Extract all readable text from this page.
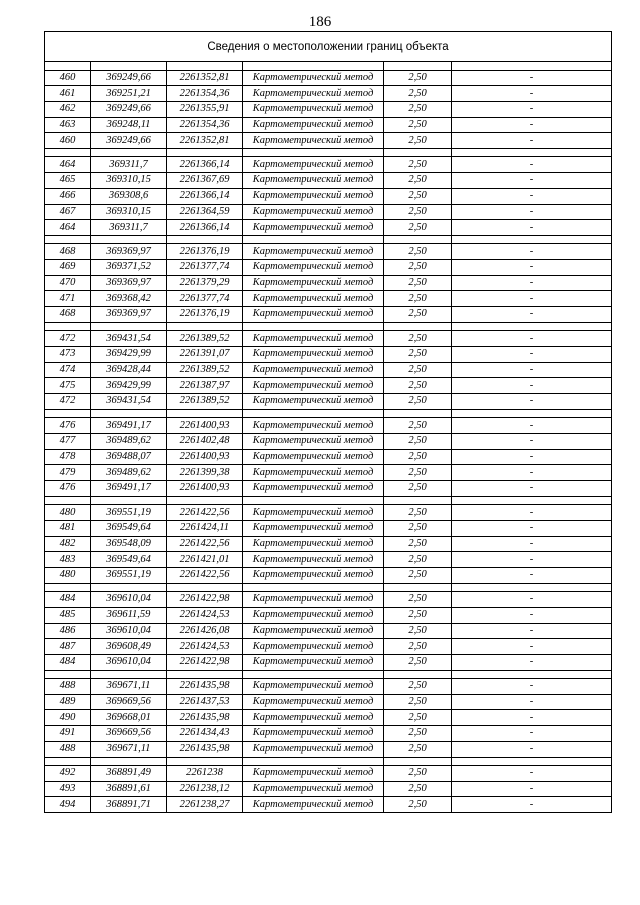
186
Сведения о местоположении границ объекта					

460	369249,66	2261352,81	Картометрический метод	2,50	-
461	369251,21	2261354,36	Картометрический метод	2,50	-
462	369249,66	2261355,91	Картометрический метод	2,50	-
463	369248,11	2261354,36	Картометрический метод	2,50	-
460	369249,66	2261352,81	Картометрический метод	2,50	-

464	369311,7	2261366,14	Картометрический метод	2,50	-
465	369310,15	2261367,69	Картометрический метод	2,50	-
466	369308,6	2261366,14	Картометрический метод	2,50	-
467	369310,15	2261364,59	Картометрический метод	2,50	-
464	369311,7	2261366,14	Картометрический метод	2,50	-

468	369369,97	2261376,19	Картометрический метод	2,50	-
469	369371,52	2261377,74	Картометрический метод	2,50	-
470	369369,97	2261379,29	Картометрический метод	2,50	-
471	369368,42	2261377,74	Картометрический метод	2,50	-
468	369369,97	2261376,19	Картометрический метод	2,50	-

472	369431,54	2261389,52	Картометрический метод	2,50	-
473	369429,99	2261391,07	Картометрический метод	2,50	-
474	369428,44	2261389,52	Картометрический метод	2,50	-
475	369429,99	2261387,97	Картометрический метод	2,50	-
472	369431,54	2261389,52	Картометрический метод	2,50	-

476	369491,17	2261400,93	Картометрический метод	2,50	-
477	369489,62	2261402,48	Картометрический метод	2,50	-
478	369488,07	2261400,93	Картометрический метод	2,50	-
479	369489,62	2261399,38	Картометрический метод	2,50	-
476	369491,17	2261400,93	Картометрический метод	2,50	-

480	369551,19	2261422,56	Картометрический метод	2,50	-
481	369549,64	2261424,11	Картометрический метод	2,50	-
482	369548,09	2261422,56	Картометрический метод	2,50	-
483	369549,64	2261421,01	Картометрический метод	2,50	-
480	369551,19	2261422,56	Картометрический метод	2,50	-

484	369610,04	2261422,98	Картометрический метод	2,50	-
485	369611,59	2261424,53	Картометрический метод	2,50	-
486	369610,04	2261426,08	Картометрический метод	2,50	-
487	369608,49	2261424,53	Картометрический метод	2,50	-
484	369610,04	2261422,98	Картометрический метод	2,50	-

488	369671,11	2261435,98	Картометрический метод	2,50	-
489	369669,56	2261437,53	Картометрический метод	2,50	-
490	369668,01	2261435,98	Картометрический метод	2,50	-
491	369669,56	2261434,43	Картометрический метод	2,50	-
488	369671,11	2261435,98	Картометрический метод	2,50	-

492	368891,49	2261238	Картометрический метод	2,50	-
493	368891,61	2261238,12	Картометрический метод	2,50	-
494	368891,71	2261238,27	Картометрический метод	2,50	-
